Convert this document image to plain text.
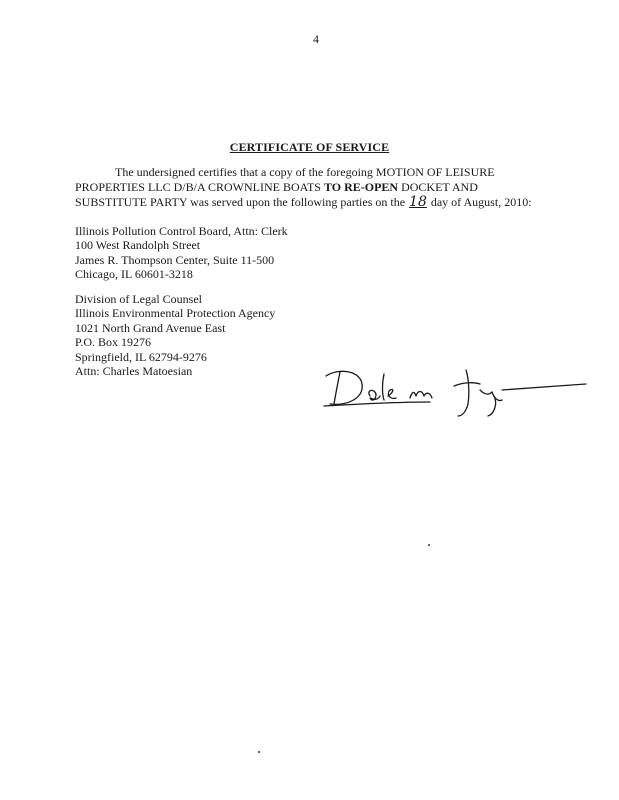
4
CERTIFICATE OF SERVICE
The undersigned certifies that a copy of the foregoing MOTION OF LEISURE PROPERTIES LLC D/B/A CROWNLINE BOATS TO RE-OPEN DOCKET AND SUBSTITUTE PARTY was served upon the following parties on the 18 day of August, 2010:
Illinois Pollution Control Board, Attn: Clerk
100 West Randolph Street
James R. Thompson Center, Suite 11-500
Chicago, IL 60601-3218
Division of Legal Counsel
Illinois Environmental Protection Agency
1021 North Grand Avenue East
P.O. Box 19276
Springfield, IL 62794-9276
Attn: Charles Matoesian
